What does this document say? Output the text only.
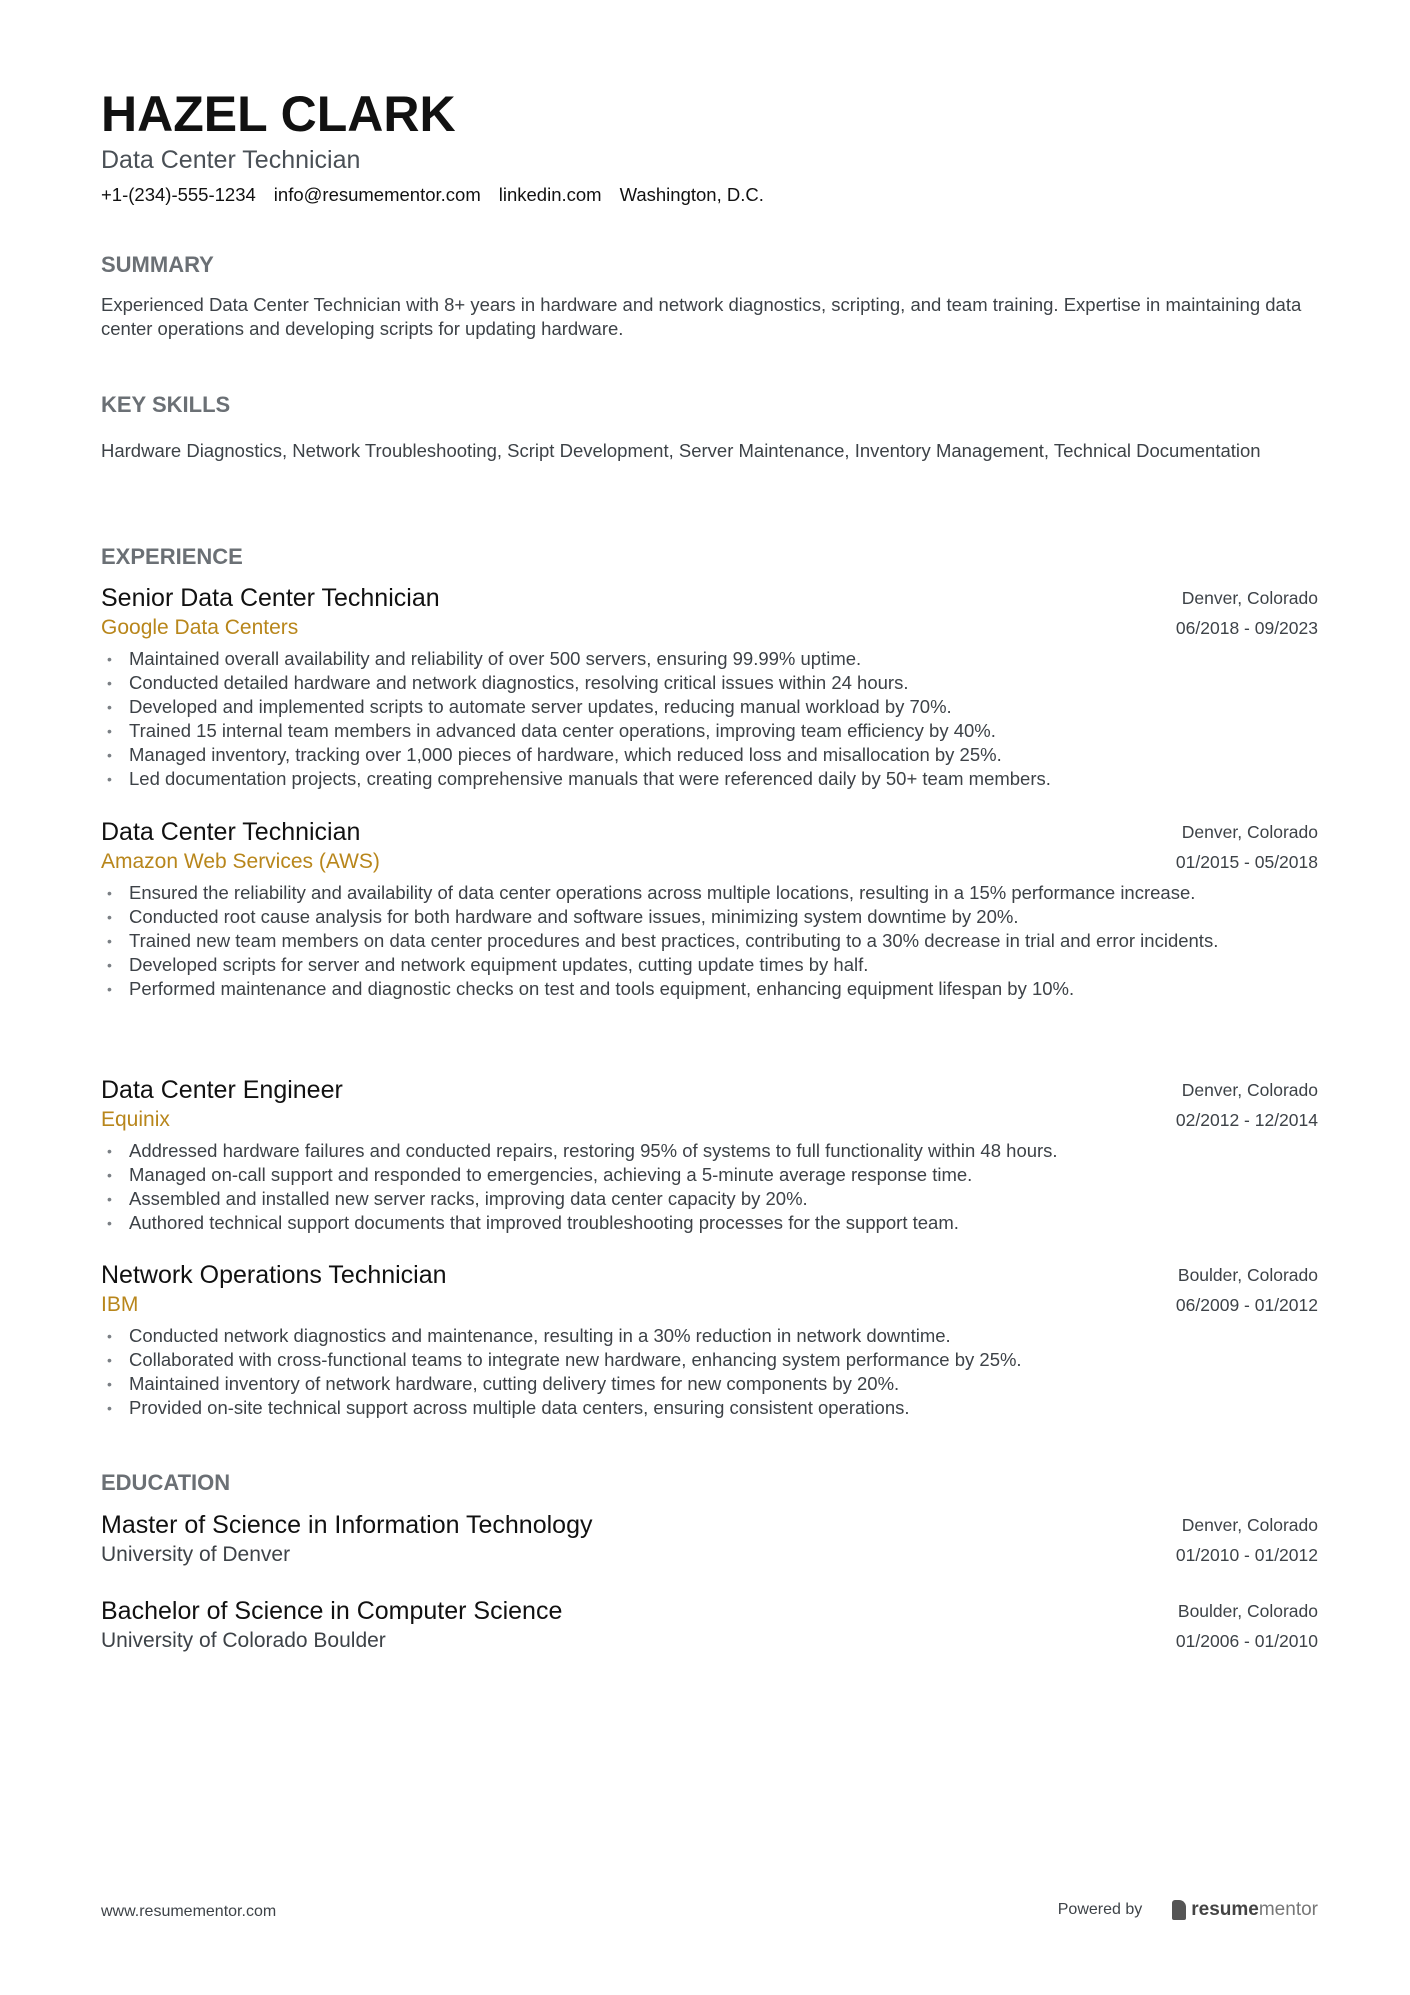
HAZEL CLARK
Data Center Technician
+1-(234)-555-1234 info@resumementor.com linkedin.com Washington, D.C.
SUMMARY

Experienced Data Center Technician with 8+ years in hardware and network diagnostics, scripting, and team training. Expertise in maintaining data center operations and developing scripts for updating hardware.

KEY SKILLS

Hardware Diagnostics, Network Troubleshooting, Script Development, Server Maintenance, Inventory Management, Technical Documentation

EXPERIENCE
Senior Data Center Technician
Google Data Centers
Denver, Colorado
06/2018 - 09/2023
• Maintained overall availability and reliability of over 500 servers, ensuring 99.99% uptime.
• Conducted detailed hardware and network diagnostics, resolving critical issues within 24 hours.
• Developed and implemented scripts to automate server updates, reducing manual workload by 70%.
• Trained 15 internal team members in advanced data center operations, improving team efficiency by 40%.
• Managed inventory, tracking over 1,000 pieces of hardware, which reduced loss and misallocation by 25%.
• Led documentation projects, creating comprehensive manuals that were referenced daily by 50+ team members.
Data Center Technician
Amazon Web Services (AWS)
Denver, Colorado
01/2015 - 05/2018
• Ensured the reliability and availability of data center operations across multiple locations, resulting in a 15% performance increase.
• Conducted root cause analysis for both hardware and software issues, minimizing system downtime by 20%.
• Trained new team members on data center procedures and best practices, contributing to a 30% decrease in trial and error incidents.
• Developed scripts for server and network equipment updates, cutting update times by half.
• Performed maintenance and diagnostic checks on test and tools equipment, enhancing equipment lifespan by 10%.
Data Center Engineer
Equinix
Denver, Colorado
02/2012 - 12/2014
• Addressed hardware failures and conducted repairs, restoring 95% of systems to full functionality within 48 hours.
• Managed on-call support and responded to emergencies, achieving a 5-minute average response time.
• Assembled and installed new server racks, improving data center capacity by 20%.
• Authored technical support documents that improved troubleshooting processes for the support team.
Network Operations Technician
IBM
Boulder, Colorado
06/2009 - 01/2012
• Conducted network diagnostics and maintenance, resulting in a 30% reduction in network downtime.
• Collaborated with cross-functional teams to integrate new hardware, enhancing system performance by 25%.
• Maintained inventory of network hardware, cutting delivery times for new components by 20%.
• Provided on-site technical support across multiple data centers, ensuring consistent operations.
EDUCATION
Master of Science in Information Technology
University of Denver
Denver, Colorado
01/2010 - 01/2012
Bachelor of Science in Computer Science
University of Colorado Boulder
Boulder, Colorado
01/2006 - 01/2010
www.resumementor.com	Powered by	resumementor
